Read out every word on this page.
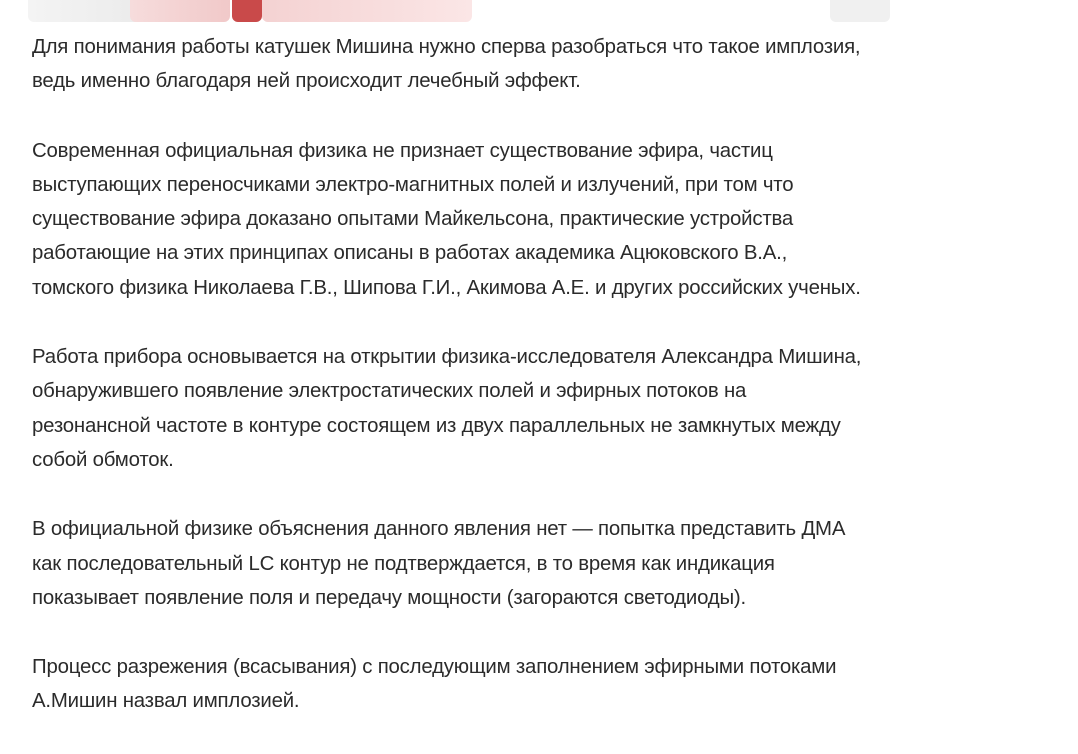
Для понимания работы катушек Мишина нужно сперва разобраться что такое имплозия,
ведь именно благодаря ней происходит лечебный эффект.

Современная официальная физика не признает существование эфира, частиц
выступающих переносчиками электро-магнитных полей и излучений, при том что
существование эфира доказано опытами Майкельсона, практические устройства
работающие на этих принципах описаны в работах академика Ацюковского В.А.,
томского физика Николаева Г.В., Шипова Г.И., Акимова А.Е. и других российских ученых.

Работа прибора основывается на открытии физика-исследователя Александра Мишина,
обнаружившего появление электростатических полей и эфирных потоков на
резонансной частоте в контуре состоящем из двух параллельных не замкнутых между
собой обмоток.

В официальной физике объяснения данного явления нет — попытка представить ДМА
как последовательный LC контур не подтверждается, в то время как индикация
показывает появление поля и передачу мощности (загораются светодиоды).

Процесс разрежения (всасывания) с последующим заполнением эфирными потоками
А.Мишин назвал имплозией.
